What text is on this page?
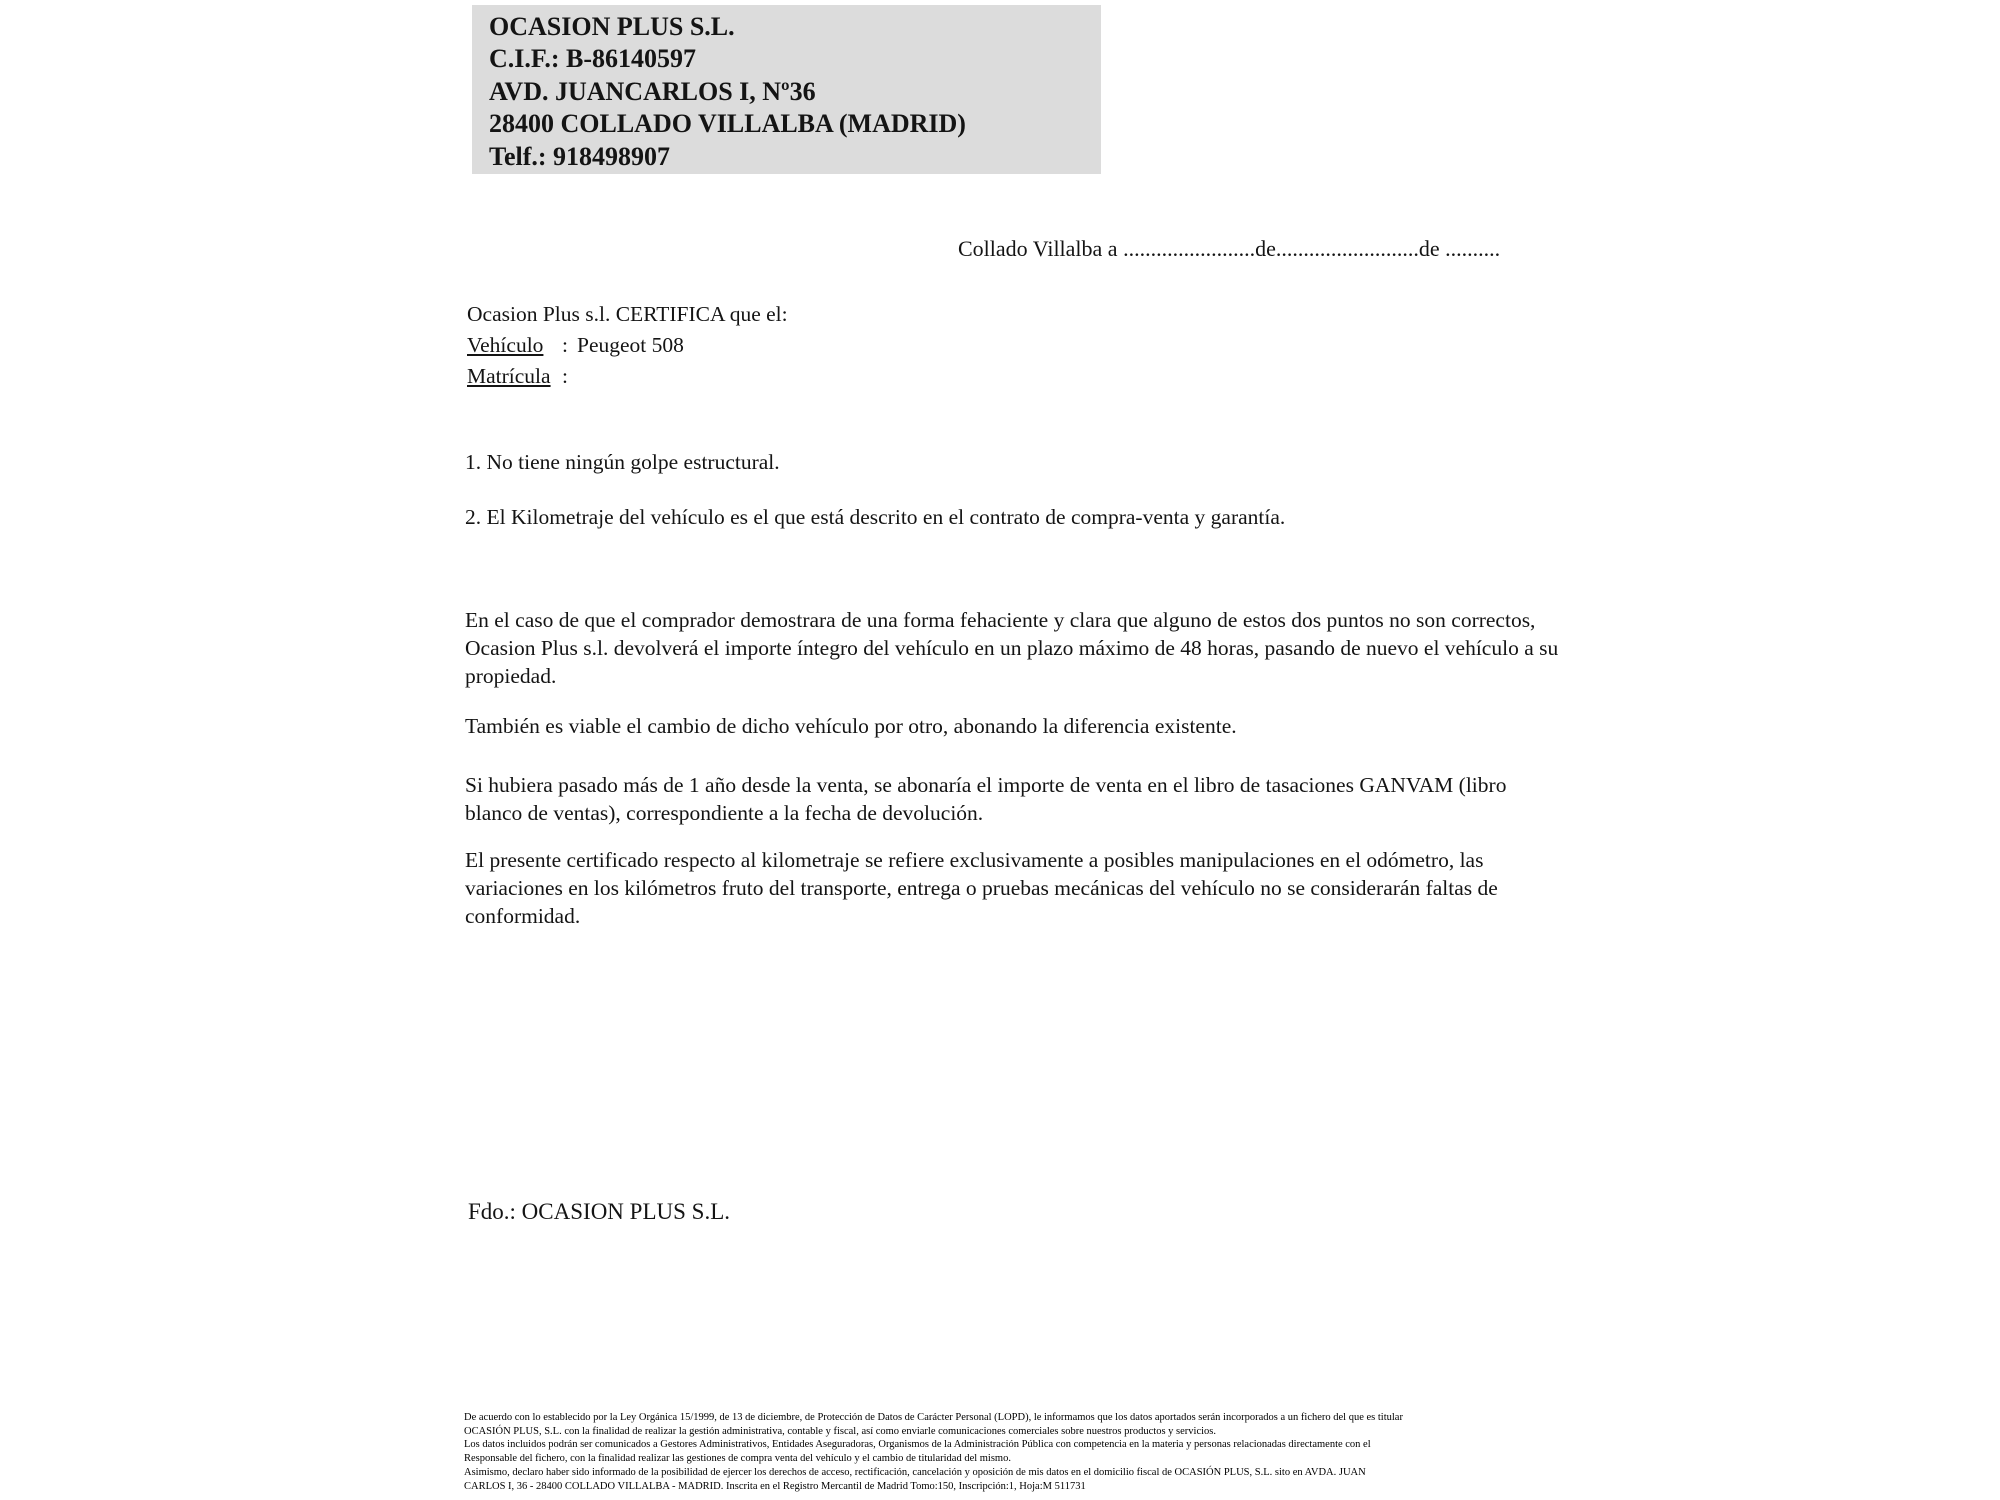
OCASION PLUS S.L.
C.I.F.: B-86140597
AVD. JUANCARLOS I, Nº36
28400 COLLADO VILLALBA (MADRID)
Telf.: 918498907
Collado Villalba a ........................de..........................de ..........
Ocasion Plus s.l. CERTIFICA que el:
Vehículo : Peugeot 508
Matrícula :
1. No tiene ningún golpe estructural.
2. El Kilometraje del vehículo es el que está descrito en el contrato de compra-venta y garantía.
En el caso de que el comprador demostrara de una forma fehaciente y clara que alguno de estos dos puntos no son correctos, Ocasion Plus s.l. devolverá el importe íntegro del vehículo en un plazo máximo de 48 horas, pasando de nuevo el vehículo a su propiedad.
También es viable el cambio de dicho vehículo por otro, abonando la diferencia existente.
Si hubiera pasado más de 1 año desde la venta, se abonaría el importe de venta en el libro de tasaciones GANVAM (libro blanco de ventas), correspondiente a la fecha de devolución.
El presente certificado respecto al kilometraje se refiere exclusivamente a posibles manipulaciones en el odómetro, las variaciones en los kilómetros fruto del transporte, entrega o pruebas mecánicas del vehículo no se considerarán faltas de conformidad.
Fdo.: OCASION PLUS S.L.
De acuerdo con lo establecido por la Ley Orgánica 15/1999, de 13 de diciembre, de Protección de Datos de Carácter Personal (LOPD), le informamos que los datos aportados serán incorporados a un fichero del que es titular
OCASIÓN PLUS, S.L. con la finalidad de realizar la gestión administrativa, contable y fiscal, así como enviarle comunicaciones comerciales sobre nuestros productos y servicios.
Los datos incluidos podrán ser comunicados a Gestores Administrativos, Entidades Aseguradoras, Organismos de la Administración Pública con competencia en la materia y personas relacionadas directamente con el
Responsable del fichero, con la finalidad realizar las gestiones de compra venta del vehículo y el cambio de titularidad del mismo.
Asimismo, declaro haber sido informado de la posibilidad de ejercer los derechos de acceso, rectificación, cancelación y oposición de mis datos en el domicilio fiscal de OCASIÓN PLUS, S.L. sito en AVDA. JUAN
CARLOS I, 36 - 28400 COLLADO VILLALBA - MADRID. Inscrita en el Registro Mercantil de Madrid Tomo:150, Inscripción:1, Hoja:M 511731
